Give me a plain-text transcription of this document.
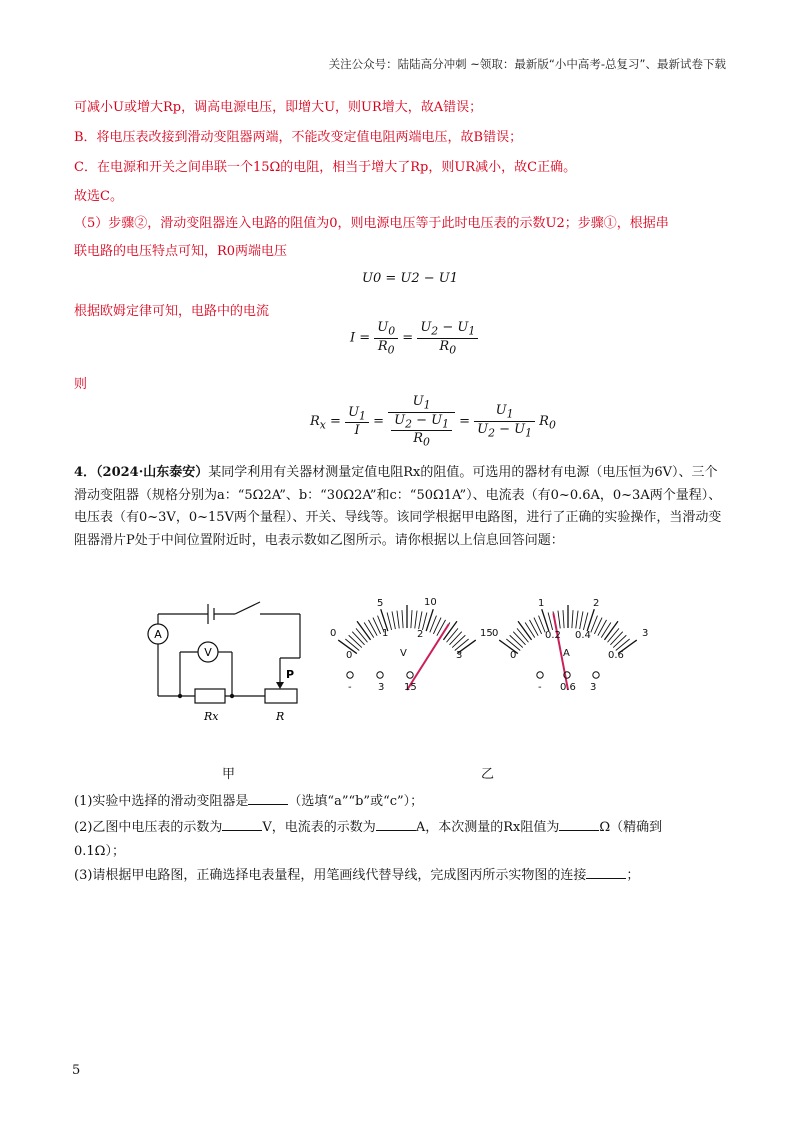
关注公众号：陆陆高分冲刺 ~领取：最新版“小中高考-总复习”、最新试卷下载
可减小U或增大Rp，调高电源电压，即增大U，则UR增大，故A错误；
B．将电压表改接到滑动变阻器两端，不能改变定值电阻两端电压，故B错误；
C．在电源和开关之间串联一个15Ω的电阻，相当于增大了Rp，则UR减小，故C正确。
故选C。
（5）步骤②，滑动变阻器连入电路的阻值为0，则电源电压等于此时电压表的示数U2；步骤①，根据串
联电路的电压特点可知，R0两端电压
U0 = U2 − U1
根据欧姆定律可知，电路中的电流
$I = \frac{U_0}{R_0} = \frac{U_2 - U_1}{R_0}$
则
$R_x = \frac{U_1}{I} = \frac{U_1}{\frac{U_2 - U_1}{R_0}} = \frac{U_1}{U_2 - U_1} R_0$
4．（2024·山东泰安）某同学利用有关器材测量定值电阻Rx的阻值。可选用的器材有电源（电压恒为6V）、三个滑动变阻器（规格分别为a：“5Ω2A”、b：“30Ω2A”和c：“50Ω1A”）、电流表（有0~0.6A，0~3A两个量程）、电压表（有0~3V，0~15V两个量程）、开关、导线等。该同学根据甲电路图，进行了正确的实验操作，当滑动变阻器滑片P处于中间位置附近时，电表示数如乙图所示。请你根据以上信息回答问题：
A
V
P
Rx	R
甲
5	10
0	15
0
1	2
3
V
-	3 15
1	2
0	3
0
0.2 0.4
0.6
A
- 0.6 3
乙
(1)实验中选择的滑动变阻器是	（选填“a”“b”或“c”）；
(2)乙图中电压表的示数为	V，电流表的示数为	A，本次测量的Rx阻值为	Ω（精确到
0.1Ω）；
(3)请根据甲电路图，正确选择电表量程，用笔画线代替导线，完成图丙所示实物图的连接	；
5
